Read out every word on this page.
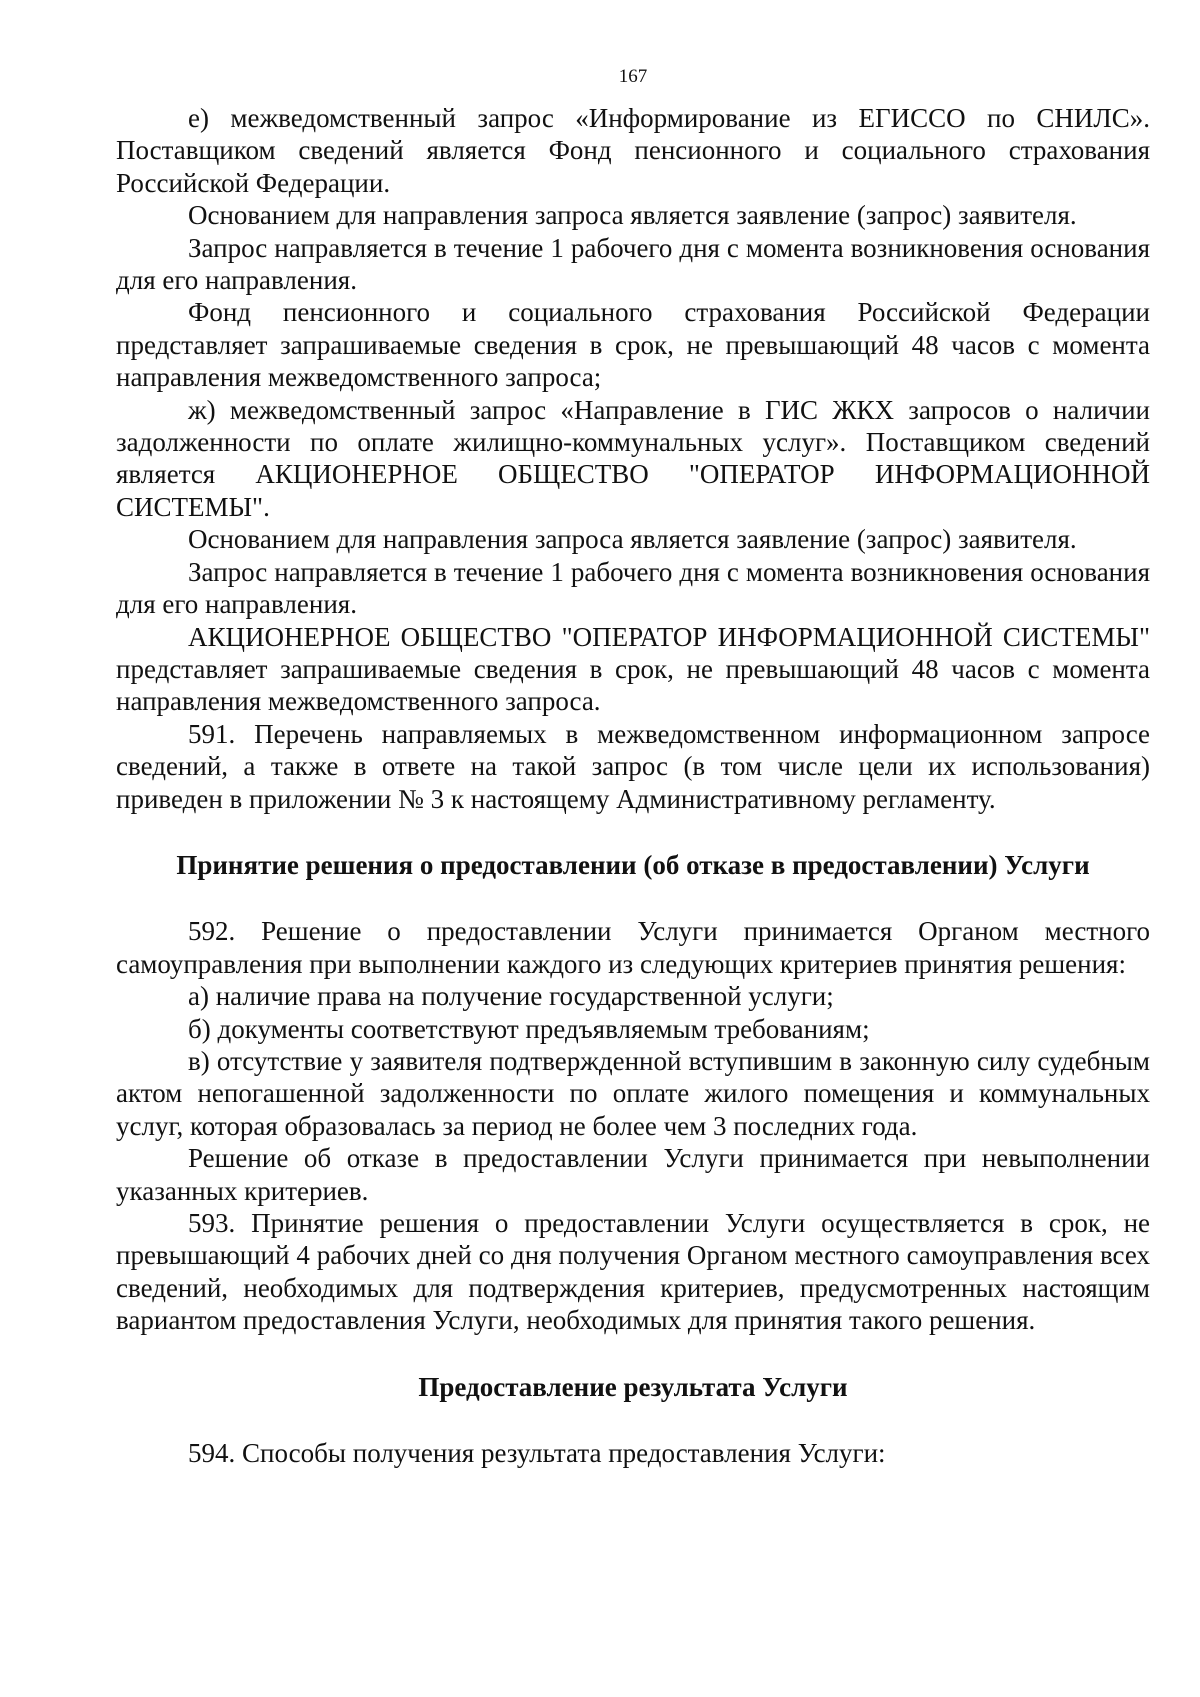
167

е) межведомственный запрос «Информирование из ЕГИССО по СНИЛС». Поставщиком сведений является Фонд пенсионного и социального страхования Российской Федерации.

Основанием для направления запроса является заявление (запрос) заявителя.

Запрос направляется в течение 1 рабочего дня с момента возникновения основания для его направления.

Фонд пенсионного и социального страхования Российской Федерации представляет запрашиваемые сведения в срок, не превышающий 48 часов с момента направления межведомственного запроса;

ж) межведомственный запрос «Направление в ГИС ЖКХ запросов о наличии задолженности по оплате жилищно-коммунальных услуг». Поставщиком сведений является АКЦИОНЕРНОЕ ОБЩЕСТВО "ОПЕРАТОР ИНФОРМАЦИОННОЙ СИСТЕМЫ".

Основанием для направления запроса является заявление (запрос) заявителя.

Запрос направляется в течение 1 рабочего дня с момента возникновения основания для его направления.

АКЦИОНЕРНОЕ ОБЩЕСТВО "ОПЕРАТОР ИНФОРМАЦИОННОЙ СИСТЕМЫ" представляет запрашиваемые сведения в срок, не превышающий 48 часов с момента направления межведомственного запроса.

591. Перечень направляемых в межведомственном информационном запросе сведений, а также в ответе на такой запрос (в том числе цели их использования) приведен в приложении № 3 к настоящему Административному регламенту.

Принятие решения о предоставлении (об отказе в предоставлении) Услуги

592. Решение о предоставлении Услуги принимается Органом местного самоуправления при выполнении каждого из следующих критериев принятия решения:

а) наличие права на получение государственной услуги;

б) документы соответствуют предъявляемым требованиям;

в) отсутствие у заявителя подтвержденной вступившим в законную силу судебным актом непогашенной задолженности по оплате жилого помещения и коммунальных услуг, которая образовалась за период не более чем 3 последних года.

Решение об отказе в предоставлении Услуги принимается при невыполнении указанных критериев.

593. Принятие решения о предоставлении Услуги осуществляется в срок, не превышающий 4 рабочих дней со дня получения Органом местного самоуправления всех сведений, необходимых для подтверждения критериев, предусмотренных настоящим вариантом предоставления Услуги, необходимых для принятия такого решения.

Предоставление результата Услуги

594. Способы получения результата предоставления Услуги:
